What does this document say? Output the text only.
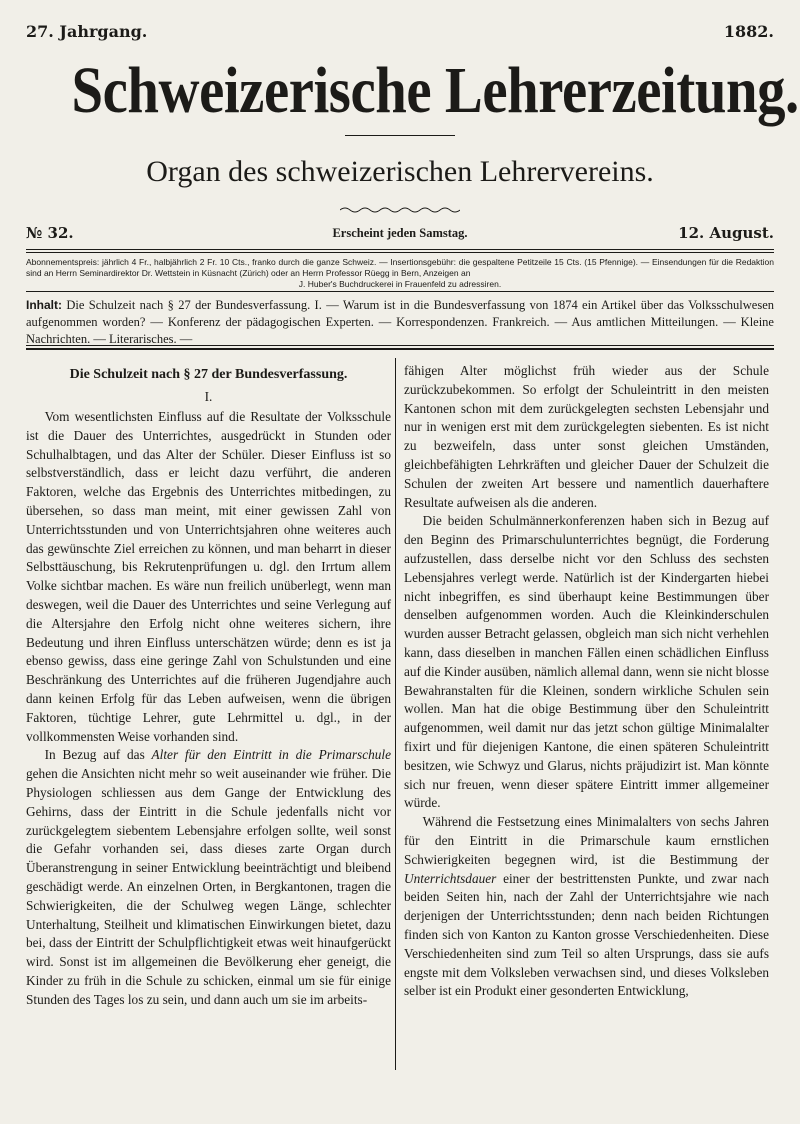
27. Jahrgang.	1882.
Schweizerische Lehrerzeitung.
Organ des schweizerischen Lehrervereins.
№ 32.	Erscheint jeden Samstag.	12. August.
Abonnementspreis: jährlich 4 Fr., halbjährlich 2 Fr. 10 Cts., franko durch die ganze Schweiz. — Insertionsgebühr: die gespaltene Petitzeile 15 Cts. (15 Pfennige). — Einsendungen für die Redaktion sind an Herrn Seminardirektor Dr. Wettstein in Küsnacht (Zürich) oder an Herrn Professor Rüegg in Bern, Anzeigen an
J. Huber's Buchdruckerei in Frauenfeld zu adressiren.
Inhalt: Die Schulzeit nach § 27 der Bundesverfassung. I. — Warum ist in die Bundesverfassung von 1874 ein Artikel über das Volksschulwesen aufgenommen worden? — Konferenz der pädagogischen Experten. — Korrespondenzen. Frankreich. — Aus amtlichen Mitteilungen. — Kleine Nachrichten. — Literarisches. —
Die Schulzeit nach § 27 der Bundesverfassung.
I.

Vom wesentlichsten Einfluss auf die Resultate der Volksschule ist die Dauer des Unterrichtes, ausgedrückt in Stunden oder Schulhalbtagen, und das Alter der Schüler. Dieser Einfluss ist so selbstverständlich, dass er leicht dazu verführt, die anderen Faktoren, welche das Ergebnis des Unterrichtes mitbedingen, zu übersehen, so dass man meint, mit einer gewissen Zahl von Unterrichtsstunden und von Unterrichtsjahren ohne weiteres auch das gewünschte Ziel erreichen zu können, und man beharrt in dieser Selbsttäuschung, bis Rekrutenprüfungen u. dgl. den Irrtum allem Volke sichtbar machen. Es wäre nun freilich unüberlegt, wenn man deswegen, weil die Dauer des Unterrichtes und seine Verlegung auf die Altersjahre den Erfolg nicht ohne weiteres sichern, ihre Bedeutung und ihren Einfluss unterschätzen würde; denn es ist ja ebenso gewiss, dass eine geringe Zahl von Schulstunden und eine Beschränkung des Unterrichtes auf die früheren Jugendjahre auch dann keinen Erfolg für das Leben aufweisen, wenn die übrigen Faktoren, tüchtige Lehrer, gute Lehrmittel u. dgl., in der vollkommensten Weise vorhanden sind.

In Bezug auf das Alter für den Eintritt in die Primarschule gehen die Ansichten nicht mehr so weit auseinander wie früher. Die Physiologen schliessen aus dem Gange der Entwicklung des Gehirns, dass der Eintritt in die Schule jedenfalls nicht vor zurückgelegtem siebentem Lebensjahre erfolgen sollte, weil sonst die Gefahr vorhanden sei, dass dieses zarte Organ durch Überanstrengung in seiner Entwicklung beeinträchtigt und bleibend geschädigt werde. An einzelnen Orten, in Bergkantonen, tragen die Schwierigkeiten, die der Schulweg wegen Länge, schlechter Unterhaltung, Steilheit und klimatischen Einwirkungen bietet, dazu bei, dass der Eintritt der Schulpflichtigkeit etwas weit hinaufgerückt wird. Sonst ist im allgemeinen die Bevölkerung eher geneigt, die Kinder zu früh in die Schule zu schicken, einmal um sie für einige Stunden des Tages los zu sein, und dann auch um sie im arbeits-

fähigen Alter möglichst früh wieder aus der Schule zurückzubekommen. So erfolgt der Schuleintritt in den meisten Kantonen schon mit dem zurückgelegten sechsten Lebensjahr und nur in wenigen erst mit dem zurückgelegten siebenten. Es ist nicht zu bezweifeln, dass unter sonst gleichen Umständen, gleichbefähigten Lehrkräften und gleicher Dauer der Schulzeit die Schulen der zweiten Art bessere und namentlich dauerhaftere Resultate aufweisen als die anderen.

Die beiden Schulmännerkonferenzen haben sich in Bezug auf den Beginn des Primarschulunterrichtes begnügt, die Forderung aufzustellen, dass derselbe nicht vor den Schluss des sechsten Lebensjahres verlegt werde. Natürlich ist der Kindergarten hiebei nicht inbegriffen, es sind überhaupt keine Bestimmungen über denselben aufgenommen worden. Auch die Kleinkinderschulen wurden ausser Betracht gelassen, obgleich man sich nicht verhehlen kann, dass dieselben in manchen Fällen einen schädlichen Einfluss auf die Kinder ausüben, nämlich allemal dann, wenn sie nicht blosse Bewahranstalten für die Kleinen, sondern wirkliche Schulen sein wollen. Man hat die obige Bestimmung über den Schuleintritt aufgenommen, weil damit nur das jetzt schon gültige Minimalalter fixirt und für diejenigen Kantone, die einen späteren Schuleintritt besitzen, wie Schwyz und Glarus, nichts präjudizirt ist. Man könnte sich nur freuen, wenn dieser spätere Eintritt immer allgemeiner würde.

Während die Festsetzung eines Minimalalters von sechs Jahren für den Eintritt in die Primarschule kaum ernstlichen Schwierigkeiten begegnen wird, ist die Bestimmung der Unterrichtsdauer einer der bestrittensten Punkte, und zwar nach beiden Seiten hin, nach der Zahl der Unterrichtsjahre wie nach derjenigen der Unterrichtsstunden; denn nach beiden Richtungen finden sich von Kanton zu Kanton grosse Verschiedenheiten. Diese Verschiedenheiten sind zum Teil so alten Ursprungs, dass sie aufs engste mit dem Volksleben verwachsen sind, und dieses Volksleben selber ist ein Produkt einer gesonderten Entwicklung,
